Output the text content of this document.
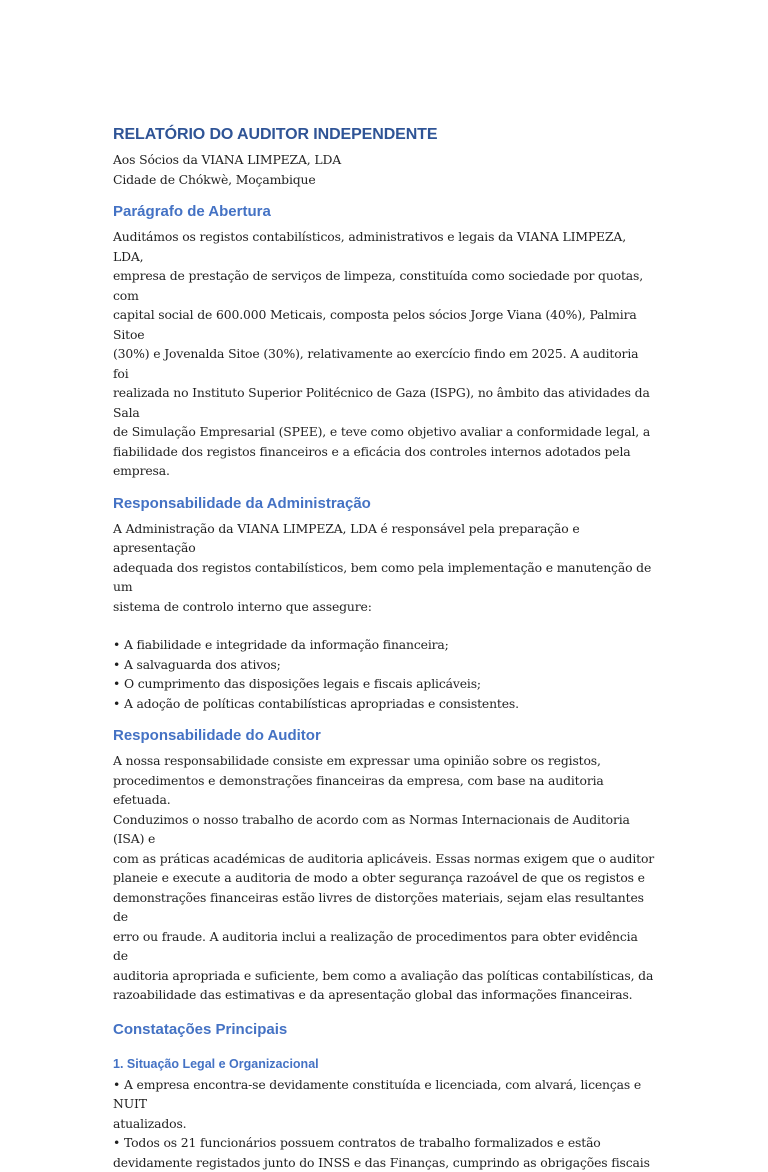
RELATÓRIO DO AUDITOR INDEPENDENTE

Aos Sócios da VIANA LIMPEZA, LDA

Cidade de Chókwè, Moçambique

Parágrafo de Abertura

Auditámos os registos contabilísticos, administrativos e legais da VIANA LIMPEZA, LDA,

empresa de prestação de serviços de limpeza, constituída como sociedade por quotas, com

capital social de 600.000 Meticais, composta pelos sócios Jorge Viana (40%), Palmira Sitoe

(30%) e Jovenalda Sitoe (30%), relativamente ao exercício findo em 2025. A auditoria foi

realizada no Instituto Superior Politécnico de Gaza (ISPG), no âmbito das atividades da Sala

de Simulação Empresarial (SPEE), e teve como objetivo avaliar a conformidade legal, a

fiabilidade dos registos financeiros e a eficácia dos controles internos adotados pela

empresa.

Responsabilidade da Administração

A Administração da VIANA LIMPEZA, LDA é responsável pela preparação e apresentação

adequada dos registos contabilísticos, bem como pela implementação e manutenção de um

sistema de controlo interno que assegure:

• A fiabilidade e integridade da informação financeira;

• A salvaguarda dos ativos;

• O cumprimento das disposições legais e fiscais aplicáveis;

• A adoção de políticas contabilísticas apropriadas e consistentes.

Responsabilidade do Auditor

A nossa responsabilidade consiste em expressar uma opinião sobre os registos,

procedimentos e demonstrações financeiras da empresa, com base na auditoria efetuada.

Conduzimos o nosso trabalho de acordo com as Normas Internacionais de Auditoria (ISA) e

com as práticas académicas de auditoria aplicáveis. Essas normas exigem que o auditor

planeie e execute a auditoria de modo a obter segurança razoável de que os registos e

demonstrações financeiras estão livres de distorções materiais, sejam elas resultantes de

erro ou fraude. A auditoria inclui a realização de procedimentos para obter evidência de

auditoria apropriada e suficiente, bem como a avaliação das políticas contabilísticas, da

razoabilidade das estimativas e da apresentação global das informações financeiras.

Constatações Principais
1. Situação Legal e Organizacional

• A empresa encontra-se devidamente constituída e licenciada, com alvará, licenças e NUIT

atualizados.

• Todos os 21 funcionários possuem contratos de trabalho formalizados e estão

devidamente registados junto do INSS e das Finanças, cumprindo as obrigações fiscais
